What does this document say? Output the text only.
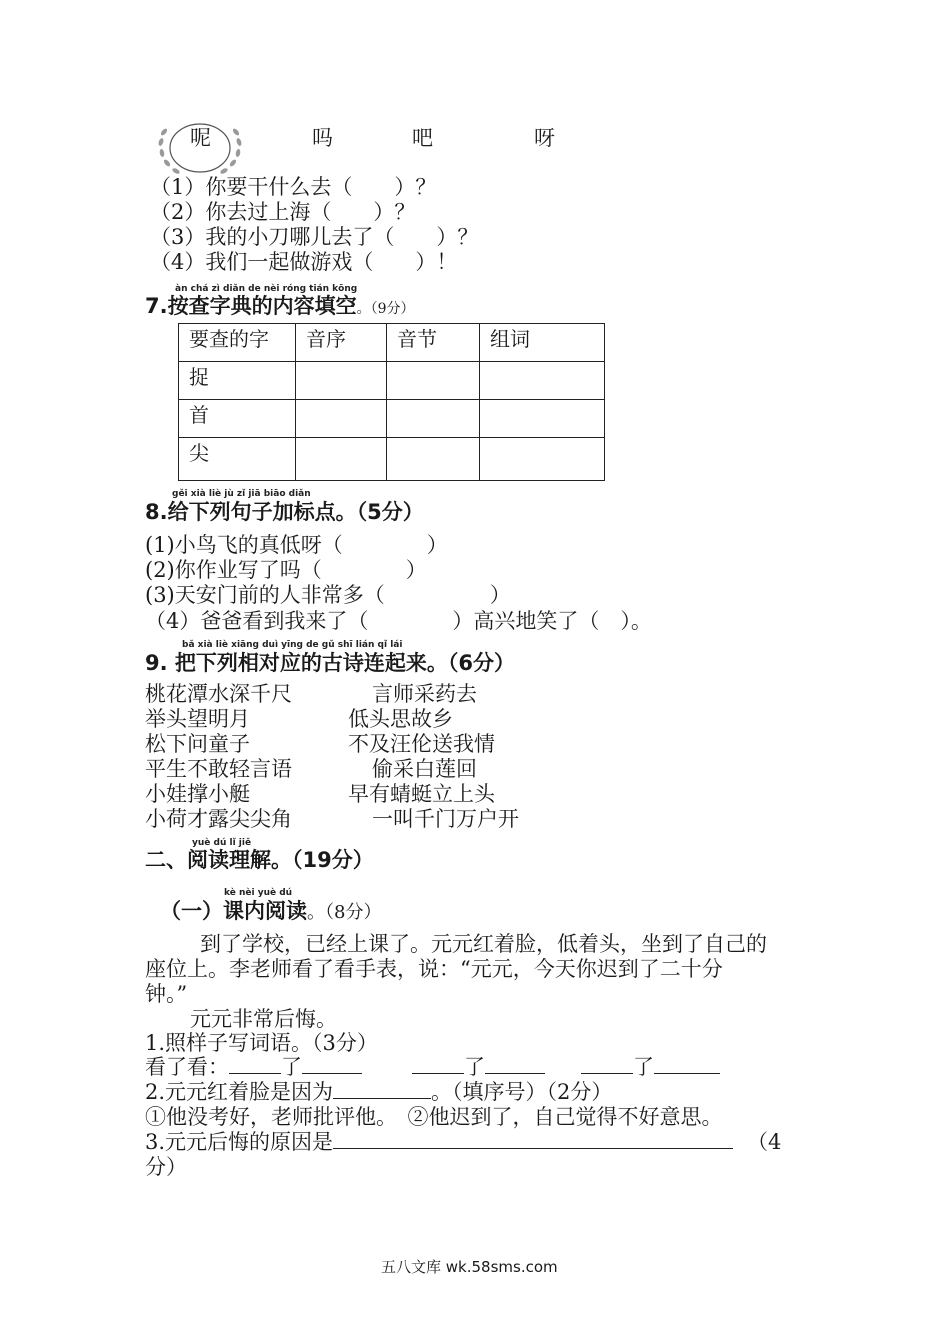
呢	吗	吧	呀
（1）你要干什么去（　　）？
（2）你去过上海（　　）？
（3）我的小刀哪儿去了（　　）？
（4）我们一起做游戏（　　）！
àn chá zì diǎn de nèi róng tián kōng
7.按查字典的内容填空。（9分）
要查的字	音序	音节	组词
捉			
首			
尖			
gěi xià liè jù zǐ jiā biāo diǎn
8.给下列句子加标点。（5分）
(1)小鸟飞的真低呀（　　　　）
(2)你作业写了吗（　　　　）
(3)天安门前的人非常多（　　　　　）
（4）爸爸看到我来了（　　　　）高兴地笑了（　）。
bǎ xià liè xiāng duì yīng de gǔ shī lián qǐ lái
9. 把下列相对应的古诗连起来。（6分）
桃花潭水深千尺
举头望明月
松下问童子
平生不敢轻言语
小娃撑小艇
小荷才露尖尖角
言师采药去
低头思故乡
不及汪伦送我情
偷采白莲回
早有蜻蜓立上头
一叫千门万户开
yuè dú lǐ jiě
二、阅读理解。（19分）
kè nèi yuè dú
（一）课内阅读。（8分）
到了学校，已经上课了。元元红着脸，低着头，坐到了自己的
座位上。李老师看了看手表，说：“元元，今天你迟到了二十分
钟。”
元元非常后悔。
1.照样子写词语。（3分）
看了看： 了	了	了
2.元元红着脸是因为	。（填序号）（2分）
①他没考好，老师批评他。　②他迟到了，自己觉得不好意思。
3.元元后悔的原因是	（4
分）
五八文库 wk.58sms.com
